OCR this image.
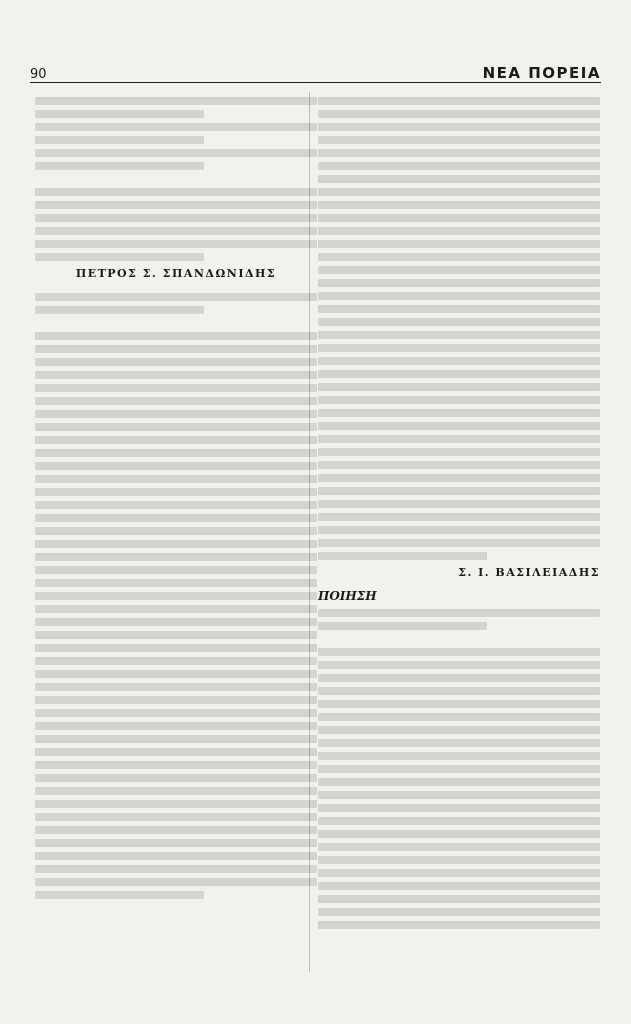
90	ΝΕΑ ΠΟΡΕΙΑ
ΠΕΤΡΟΣ Σ. ΣΠΑΝΔΩΝΙΔΗΣ
Σ. Ι. ΒΑΣΙΛΕΙΑΔΗΣ
ΠΟΙΗΣΗ
